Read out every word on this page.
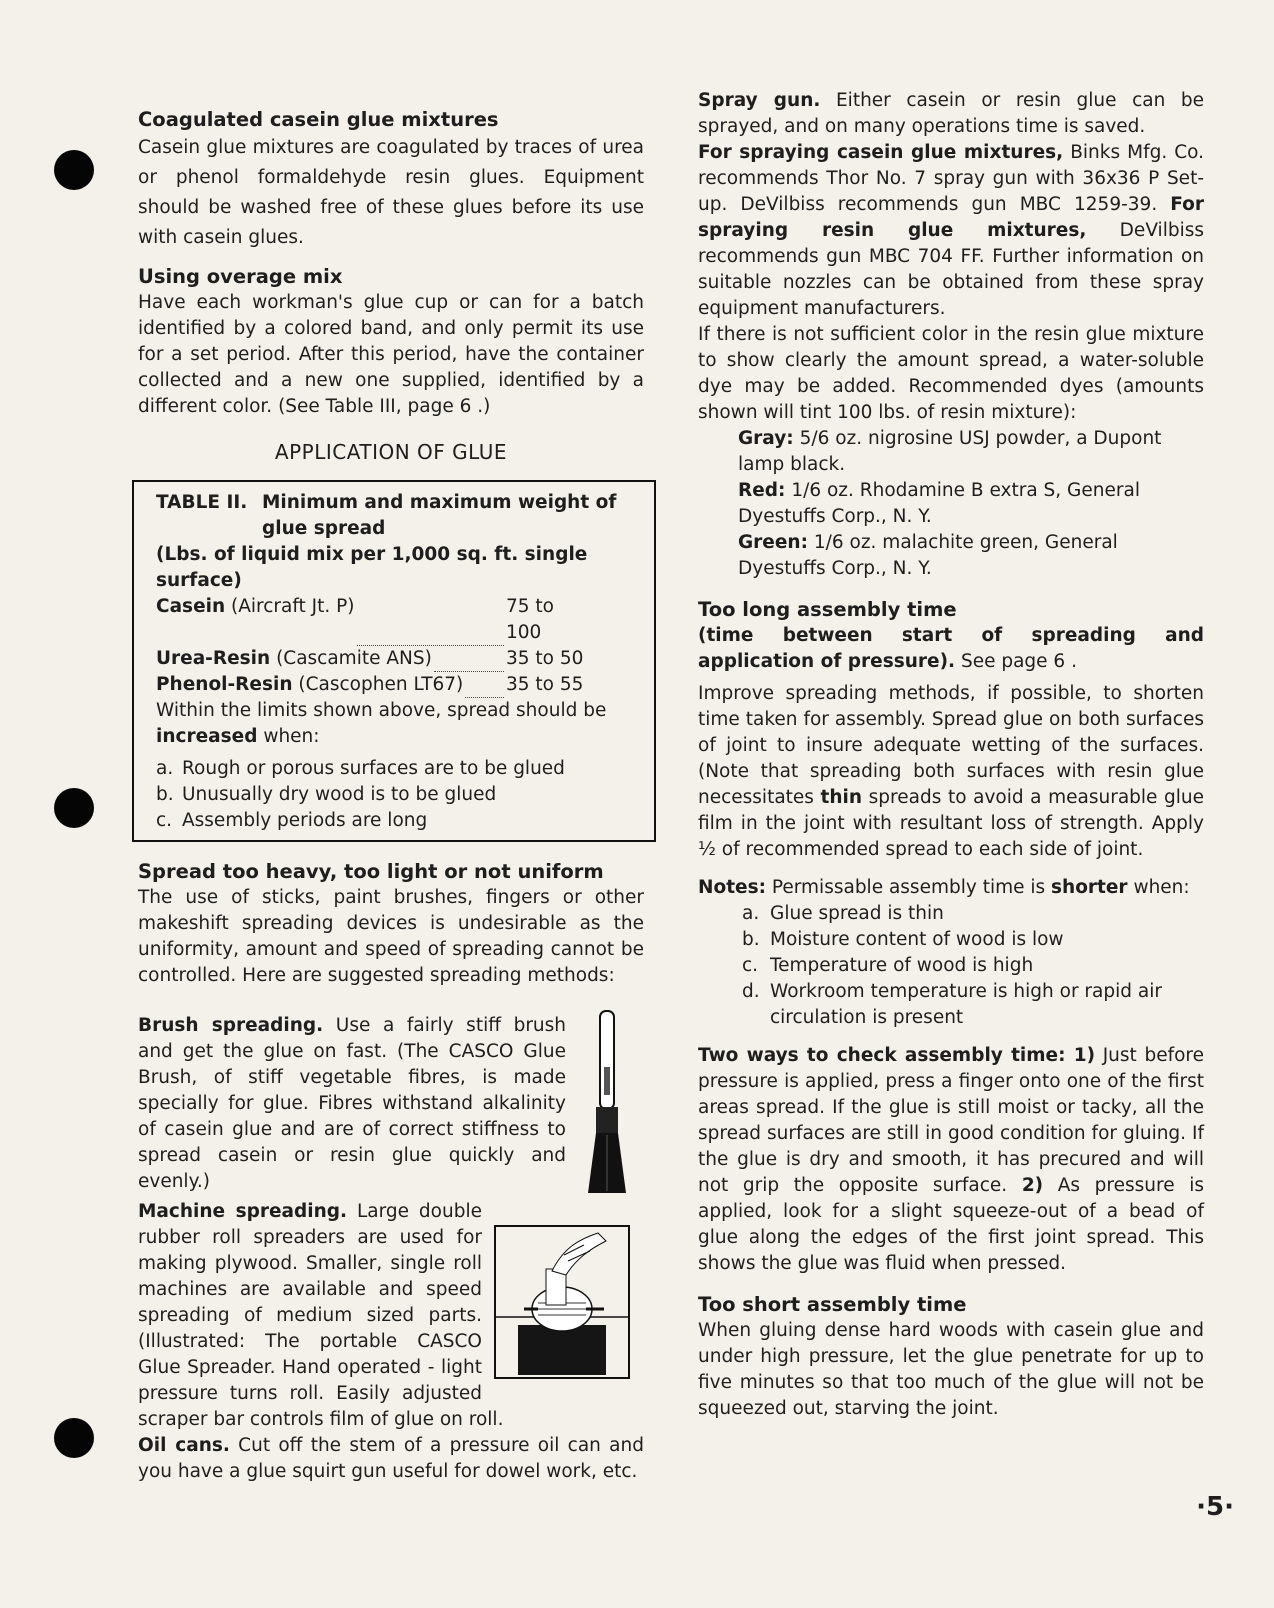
Coagulated casein glue mixtures

Casein glue mixtures are coagulated by traces of urea or phenol formaldehyde resin glues. Equipment should be washed free of these glues before its use with casein glues.

Using overage mix

Have each workman's glue cup or can for a batch identified by a colored band, and only permit its use for a set period. After this period, have the container collected and a new one supplied, identified by a different color. (See Table III, page 6 .)

APPLICATION OF GLUE
TABLE II. Minimum and maximum weight of glue spread
(Lbs. of liquid mix per 1,000 sq. ft. single surface)
Casein (Aircraft Jt. P)	75 to 100
Urea-Resin (Cascamite ANS)	35 to 50
Phenol-Resin (Cascophen LT67) 35 to 55
Within the limits shown above, spread should be increased when:
a. Rough or porous surfaces are to be glued
b. Unusually dry wood is to be glued
c. Assembly periods are long
Spread too heavy, too light or not uniform

The use of sticks, paint brushes, fingers or other makeshift spreading devices is undesirable as the uniformity, amount and speed of spreading cannot be controlled. Here are suggested spreading methods:

Brush spreading. Use a fairly stiff brush and get the glue on fast. (The CASCO Glue Brush, of stiff vegetable fibres, is made specially for glue. Fibres withstand alkalinity of casein glue and are of correct stiffness to spread casein or resin glue quickly and evenly.)

Machine spreading. Large double rubber roll spreaders are used for making plywood. Smaller, single roll machines are available and speed spreading of medium sized parts. (Illustrated: The portable CASCO Glue Spreader. Hand operated - light pressure turns roll. Easily adjusted scraper bar controls film of glue on roll.

Oil cans. Cut off the stem of a pressure oil can and you have a glue squirt gun useful for dowel work, etc.

Spray gun. Either casein or resin glue can be sprayed, and on many operations time is saved.

For spraying casein glue mixtures, Binks Mfg. Co. recommends Thor No. 7 spray gun with 36x36 P Set-up. DeVilbiss recommends gun MBC 1259-39. For spraying resin glue mixtures, DeVilbiss recommends gun MBC 704 FF. Further information on suitable nozzles can be obtained from these spray equipment manufacturers.

If there is not sufficient color in the resin glue mixture to show clearly the amount spread, a water-soluble dye may be added. Recommended dyes (amounts shown will tint 100 lbs. of resin mixture):

Gray: 5/6 oz. nigrosine USJ powder, a Dupont lamp black.

Red: 1/6 oz. Rhodamine B extra S, General Dyestuffs Corp., N. Y.

Green: 1/6 oz. malachite green, General Dyestuffs Corp., N. Y.

Too long assembly time

(time between start of spreading and application of pressure). See page 6 .

Improve spreading methods, if possible, to shorten time taken for assembly. Spread glue on both surfaces of joint to insure adequate wetting of the surfaces. (Note that spreading both surfaces with resin glue necessitates thin spreads to avoid a measurable glue film in the joint with resultant loss of strength. Apply ½ of recommended spread to each side of joint.

Notes: Permissable assembly time is shorter when:

a. Glue spread is thin
b. Moisture content of wood is low
c. Temperature of wood is high
d. Workroom temperature is high or rapid air circulation is present

Two ways to check assembly time: 1) Just before pressure is applied, press a finger onto one of the first areas spread. If the glue is still moist or tacky, all the spread surfaces are still in good condition for gluing. If the glue is dry and smooth, it has precured and will not grip the opposite surface. 2) As pressure is applied, look for a slight squeeze-out of a bead of glue along the edges of the first joint spread. This shows the glue was fluid when pressed.

Too short assembly time

When gluing dense hard woods with casein glue and under high pressure, let the glue penetrate for up to five minutes so that too much of the glue will not be squeezed out, starving the joint.

·5·
